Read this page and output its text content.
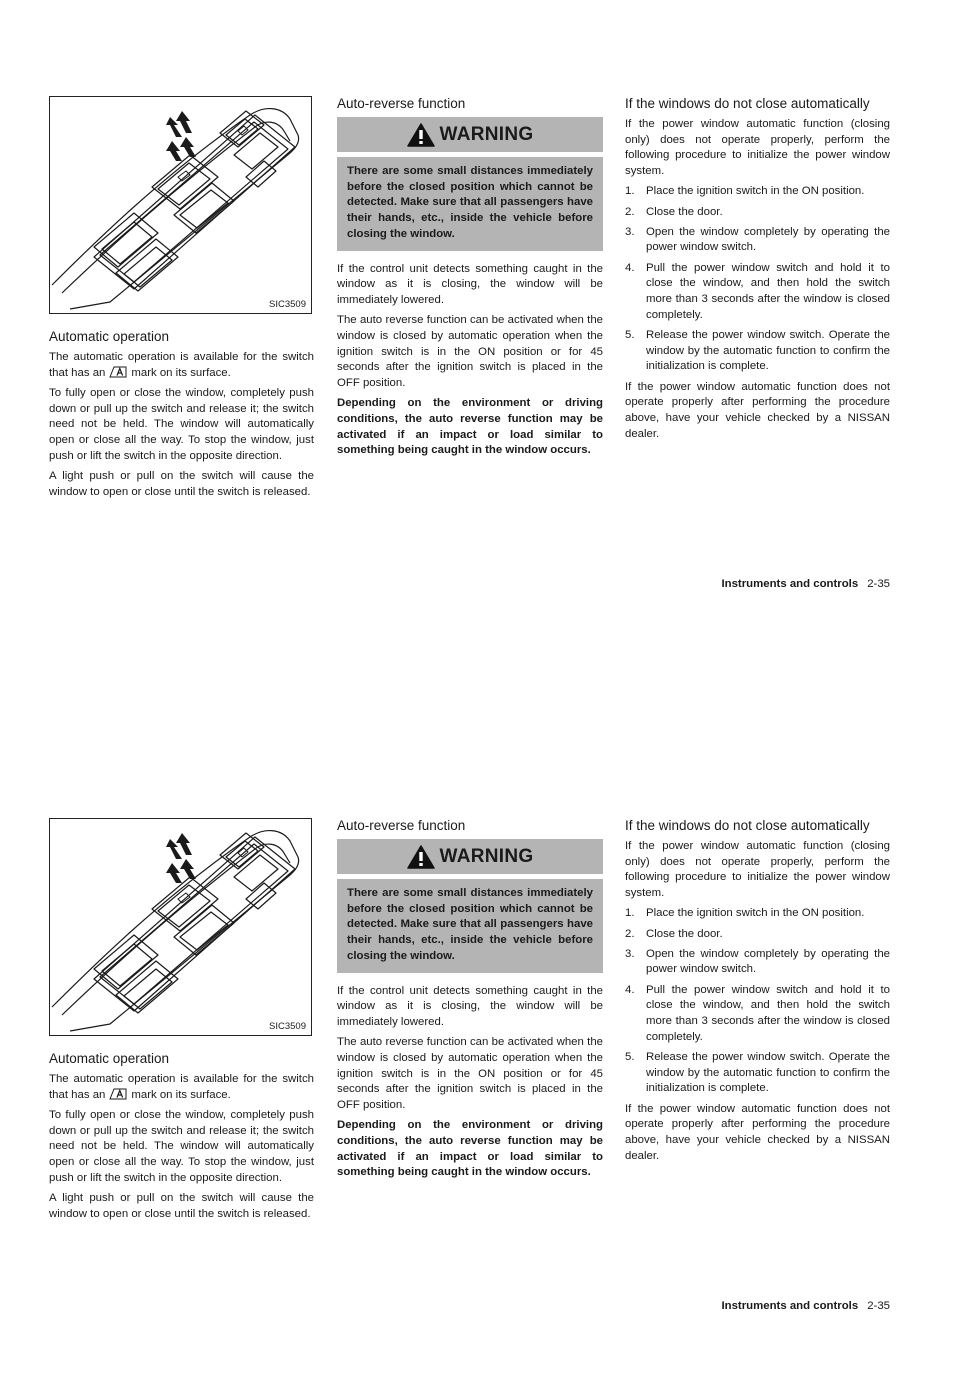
SIC3509
Automatic operation

The automatic operation is available for the switch that has an mark on its surface.

To fully open or close the window, completely push down or pull up the switch and release it; the switch need not be held. The window will automatically open or close all the way. To stop the window, just push or lift the switch in the opposite direction.

A light push or pull on the switch will cause the window to open or close until the switch is released.

Auto-reverse function
WARNING

There are some small distances immediately before the closed position which cannot be detected. Make sure that all passengers have their hands, etc., inside the vehicle before closing the window.

If the control unit detects something caught in the window as it is closing, the window will be immediately lowered.

The auto reverse function can be activated when the window is closed by automatic operation when the ignition switch is in the ON position or for 45 seconds after the ignition switch is placed in the OFF position.

Depending on the environment or driving conditions, the auto reverse function may be activated if an impact or load similar to something being caught in the window occurs.

If the windows do not close automatically

If the power window automatic function (closing only) does not operate properly, perform the following procedure to initialize the power window system.

1. Place the ignition switch in the ON position.
2. Close the door.
3. Open the window completely by operating the power window switch.
4. Pull the power window switch and hold it to close the window, and then hold the switch more than 3 seconds after the window is closed completely.
5. Release the power window switch. Operate the window by the automatic function to confirm the initialization is complete.

If the power window automatic function does not operate properly after performing the procedure above, have your vehicle checked by a NISSAN dealer.

Instruments and controls 2-35
SIC3509
Automatic operation

The automatic operation is available for the switch that has an mark on its surface.

To fully open or close the window, completely push down or pull up the switch and release it; the switch need not be held. The window will automatically open or close all the way. To stop the window, just push or lift the switch in the opposite direction.

A light push or pull on the switch will cause the window to open or close until the switch is released.

Auto-reverse function
WARNING

There are some small distances immediately before the closed position which cannot be detected. Make sure that all passengers have their hands, etc., inside the vehicle before closing the window.

If the control unit detects something caught in the window as it is closing, the window will be immediately lowered.

The auto reverse function can be activated when the window is closed by automatic operation when the ignition switch is in the ON position or for 45 seconds after the ignition switch is placed in the OFF position.

Depending on the environment or driving conditions, the auto reverse function may be activated if an impact or load similar to something being caught in the window occurs.

If the windows do not close automatically

If the power window automatic function (closing only) does not operate properly, perform the following procedure to initialize the power window system.

1. Place the ignition switch in the ON position.
2. Close the door.
3. Open the window completely by operating the power window switch.
4. Pull the power window switch and hold it to close the window, and then hold the switch more than 3 seconds after the window is closed completely.
5. Release the power window switch. Operate the window by the automatic function to confirm the initialization is complete.

If the power window automatic function does not operate properly after performing the procedure above, have your vehicle checked by a NISSAN dealer.

Instruments and controls 2-35
